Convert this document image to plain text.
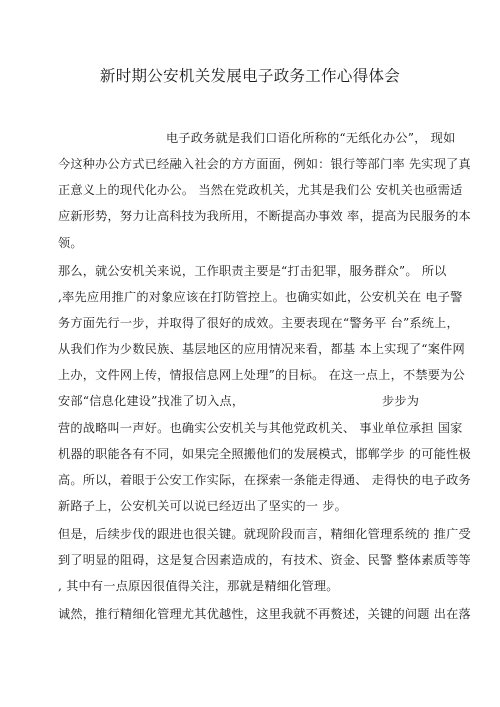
新时期公安机关发展电子政务工作心得体会
电子政务就是我们口语化所称的“无纸化办公”， 现如
今这种办公方式已经融入社会的方方面面，例如：银行等部门率 先实现了真
正意义上的现代化办公。 当然在党政机关，尤其是我们公 安机关也亟需适
应新形势，努力让高科技为我所用，不断提高办事效 率，提高为民服务的本
领。
那么，就公安机关来说，工作职责主要是“打击犯罪，服务群众”。 所以
,率先应用推广的对象应该在打防管控上。也确实如此，公安机关在 电子警
务方面先行一步，并取得了很好的成效。主要表现在“警务平 台”系统上，
从我们作为少数民族、基层地区的应用情况来看，都基 本上实现了“案件网
上办，文件网上传，情报信息网上处理”的目标。 在这一点上，不禁要为公
安部“信息化建设”找准了切入点，	步步为
营的战略叫一声好。也确实公安机关与其他党政机关、 事业单位承担 国家
机器的职能各有不同，如果完全照搬他们的发展模式，邯郸学步 的可能性极
高。所以，着眼于公安工作实际，在探索一条能走得通、 走得快的电子政务
新路子上，公安机关可以说已经迈出了坚实的一 步。
但是，后续步伐的跟进也很关键。就现阶段而言，精细化管理系统的 推广受
到了明显的阻碍，这是复合因素造成的，有技术、资金、民警 整体素质等等
, 其中有一点原因很值得关注，那就是精细化管理。
诚然，推行精细化管理尤其优越性，这里我就不再赘述，关键的问题 出在落
